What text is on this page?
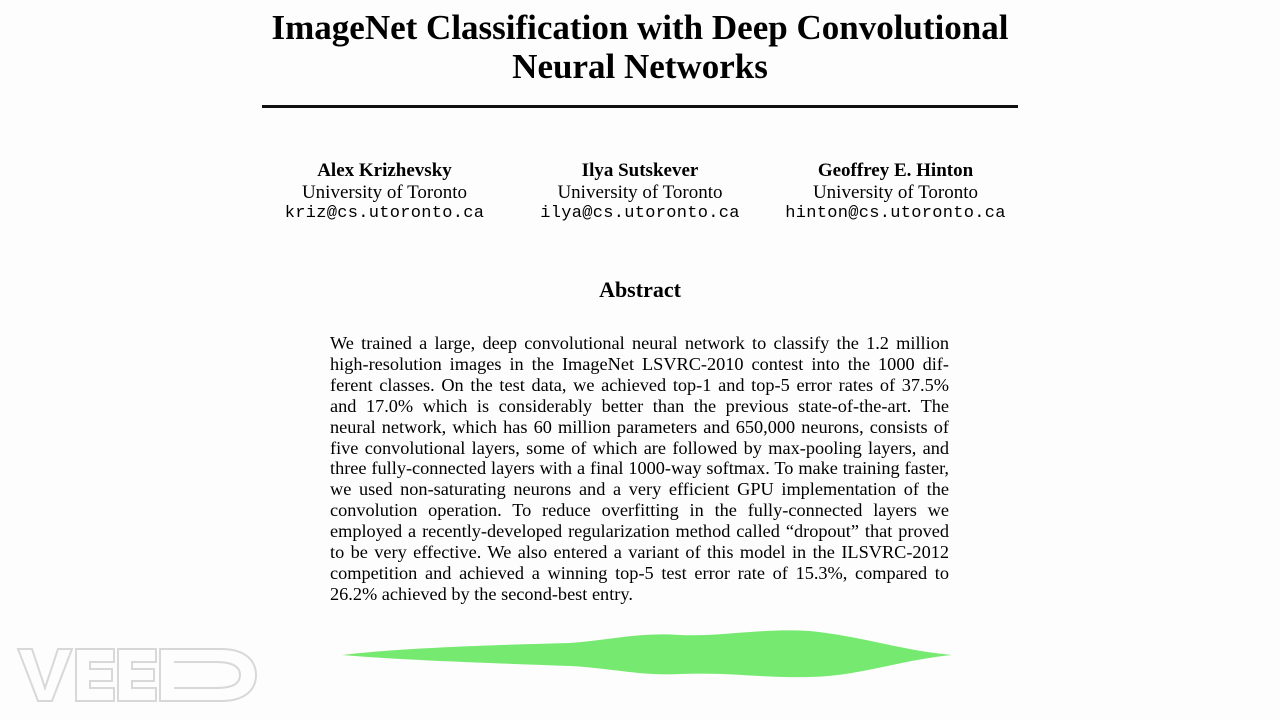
ImageNet Classification with Deep Convolutional
Neural Networks
Alex Krizhevsky
University of Toronto
kriz@cs.utoronto.ca
Ilya Sutskever
University of Toronto
ilya@cs.utoronto.ca
Geoffrey E. Hinton
University of Toronto
hinton@cs.utoronto.ca
Abstract
We trained a large, deep convolutional neural network to classify the 1.2 million high-resolution images in the ImageNet LSVRC-2010 contest into the 1000 different classes. On the test data, we achieved top-1 and top-5 error rates of 37.5% and 17.0% which is considerably better than the previous state-of-the-art. The neural network, which has 60 million parameters and 650,000 neurons, consists of five convolutional layers, some of which are followed by max-pooling layers, and three fully-connected layers with a final 1000-way softmax. To make training faster, we used non-saturating neurons and a very efficient GPU implementation of the convolution operation. To reduce overfitting in the fully-connected layers we employed a recently-developed regularization method called “dropout” that proved to be very effective. We also entered a variant of this model in the ILSVRC-2012 competition and achieved a winning top-5 test error rate of 15.3%, compared to 26.2% achieved by the second-best entry.
